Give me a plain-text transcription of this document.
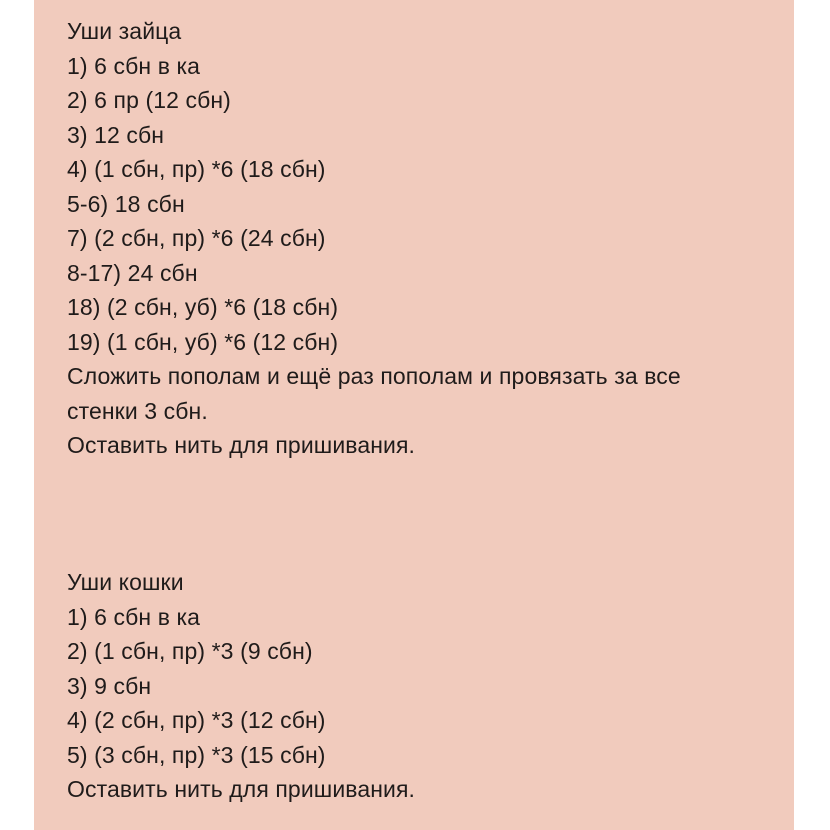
Уши зайца
1) 6 сбн в ка
2) 6 пр (12 сбн)
3) 12 сбн
4) (1 сбн, пр) *6 (18 сбн)
5-6) 18 сбн
7) (2 сбн, пр) *6 (24 сбн)
8-17) 24 сбн
18) (2 сбн, уб) *6 (18 сбн)
19) (1 сбн, уб) *6 (12 сбн)
Сложить пополам и ещё раз пополам и провязать за все
стенки 3 сбн.
Оставить нить для пришивания.
Уши кошки
1) 6 сбн в ка
2) (1 сбн, пр) *3 (9 сбн)
3) 9 сбн
4) (2 сбн, пр) *3 (12 сбн)
5) (3 сбн, пр) *3 (15 сбн)
Оставить нить для пришивания.
